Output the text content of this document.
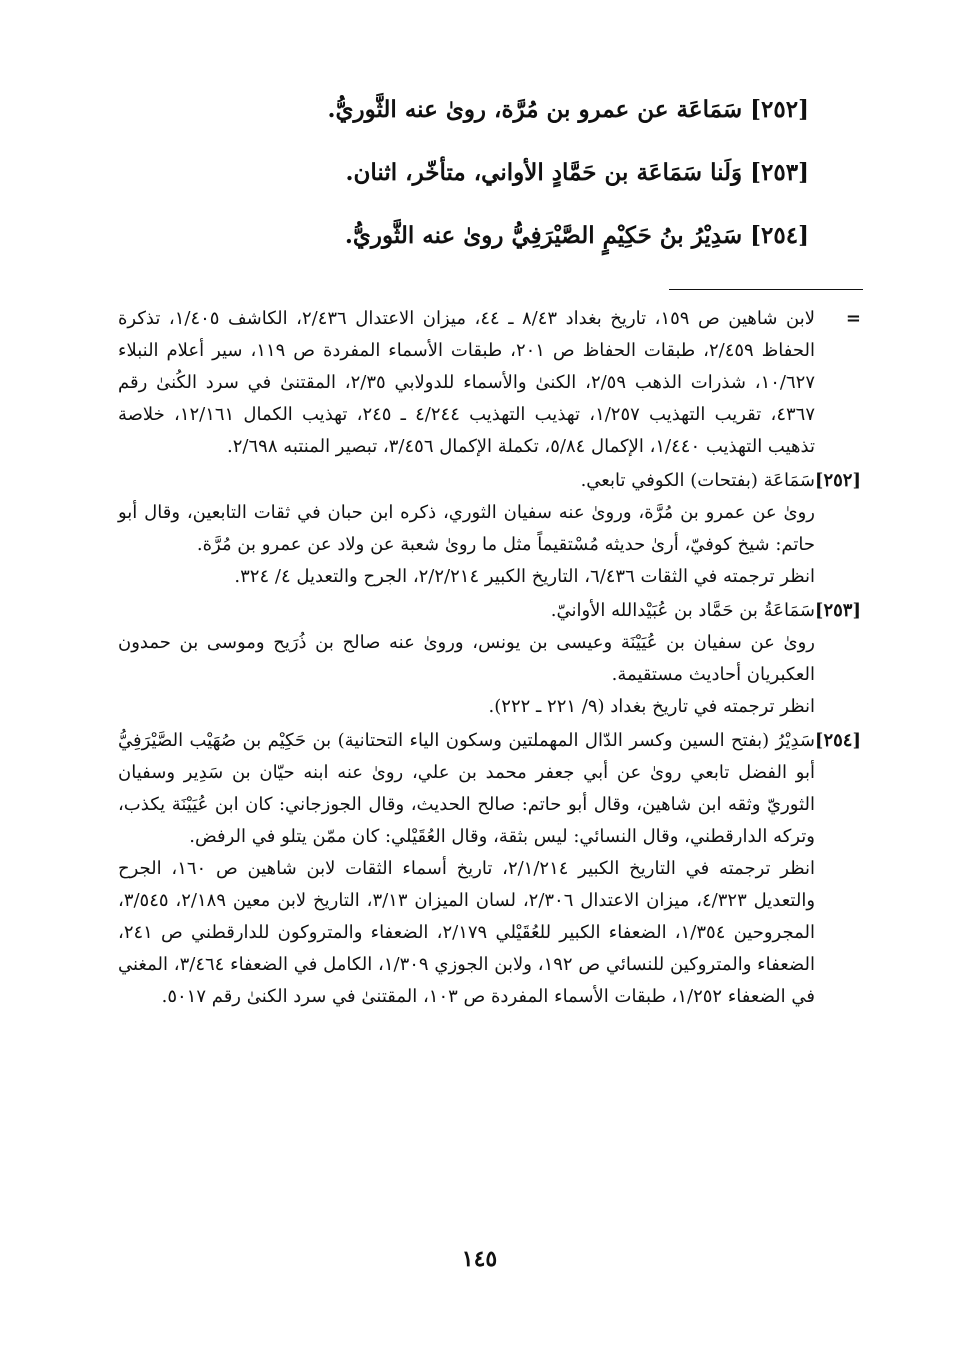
[٢٥٢] سَمَاعَة عن عمرو بن مُرَّة، روىٰ عنه الثَّوريُّ.
[٢٥٣] وَلَنا سَمَاعَة بن حَمَّادٍ الأواني، متأخّر، اثنان.
[٢٥٤] سَدِيْرُ بنُ حَكِيْمٍ الصَّيْرَفِيُّ روىٰ عنه الثَّوريُّ.
=

لابن شاهين ص ١٥٩، تاريخ بغداد ٨/٤٣ ـ ٤٤، ميزان الاعتدال ٢/٤٣٦، الكاشف ١/٤٠٥، تذكرة الحفاظ ٢/٤٥٩، طبقات الحفاظ ص ٢٠١، طبقات الأسماء المفردة ص ١١٩، سير أعلام النبلاء ١٠/٦٢٧، شذرات الذهب ٢/٥٩، الكنىٰ والأسماء للدولابي ٢/٣٥، المقتنىٰ في سرد الكُنىٰ رقم ٤٣٦٧، تقريب التهذيب ١/٢٥٧، تهذيب التهذيب ٤/٢٤٤ ـ ٢٤٥، تهذيب الكمال ١٢/١٦١، خلاصة تذهيب التهذيب ١/٤٤٠، الإكمال ٥/٨٤، تكملة الإكمال ٣/٤٥٦، تبصير المنتبه ٢/٦٩٨.

[٢٥٢]

سَمَاعَة (بفتحات) الكوفي تابعي.

روىٰ عن عمرو بن مُرَّة، وروىٰ عنه سفيان الثوري، ذكره ابن حبان في ثقات التابعين، وقال أبو حاتم: شيخ كوفيّ، أرىٰ حديثه مُسْتقيماً مثل ما روىٰ شعبة عن ولاد عن عمرو بن مُرَّة.

انظر ترجمته في الثقات ٦/٤٣٦، التاريخ الكبير ٢/٢/٢١٤، الجرح والتعديل ٤/ ٣٢٤.

[٢٥٣]

سَمَاعَةُ بن حَمَّاد بن عُبَيْدالله الأوانيّ.

روىٰ عن سفيان بن عُيَيْنَة وعيسى بن يونس، وروىٰ عنه صالح بن ذُرَيح وموسى بن حمدون العكبريان أحاديث مستقيمة.

انظر ترجمته في تاريخ بغداد (٩/ ٢٢١ ـ ٢٢٢).

[٢٥٤]

سَدِيْرُ (بفتح السين وكسر الدّال المهملتين وسكون الياء التحتانية) بن حَكِيْم بن صُهَيْب الصَّيْرَفِيُّ أبو الفضل تابعي روىٰ عن أبي جعفر محمد بن علي، روىٰ عنه ابنه حيّان بن سَدِير وسفيان الثوريّ وثقه ابن شاهين، وقال أبو حاتم: صالح الحديث، وقال الجوزجاني: كان ابن عُيَيْنَة يكذب، وتركه الدارقطني، وقال النسائي: ليس بثقة، وقال العُقَيْلي: كان ممّن يتلو في الرفض.

انظر ترجمته في التاريخ الكبير ٢/١/٢١٤، تاريخ أسماء الثقات لابن شاهين ص ١٦٠، الجرح والتعديل ٤/٣٢٣، ميزان الاعتدال ٢/٣٠٦، لسان الميزان ٣/١٣، التاريخ لابن معين ٢/١٨٩، ٣/٥٤٥، المجروحين ١/٣٥٤، الضعفاء الكبير للعُقَيْلي ٢/١٧٩، الضعفاء والمتروكون للدارقطني ص ٢٤١، الضعفاء والمتروكين للنسائي ص ١٩٢، ولابن الجوزي ١/٣٠٩، الكامل في الضعفاء ٣/٤٦٤، المغني في الضعفاء ١/٢٥٢، طبقات الأسماء المفردة ص ١٠٣، المقتنىٰ في سرد الكنىٰ رقم ٥٠١٧.

١٤٥
